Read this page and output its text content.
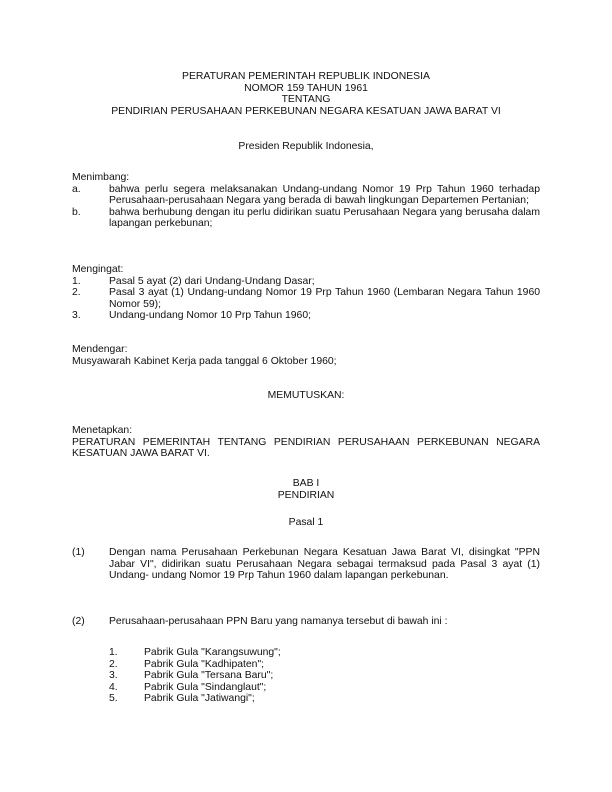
PERATURAN PEMERINTAH REPUBLIK INDONESIA

NOMOR 159 TAHUN 1961

TENTANG

PENDIRIAN PERUSAHAAN PERKEBUNAN NEGARA KESATUAN JAWA BARAT VI

Presiden Republik Indonesia,

Menimbang:

a.	bahwa perlu segera melaksanakan Undang-undang Nomor 19 Prp Tahun 1960 terhadap Perusahaan-perusahaan Negara yang berada di bawah lingkungan Departemen Pertanian;

b.	bahwa berhubung dengan itu perlu didirikan suatu Perusahaan Negara yang berusaha dalam lapangan perkebunan;

Mengingat:

1.	Pasal 5 ayat (2) dari Undang-Undang Dasar;

2.	Pasal 3 ayat (1) Undang-undang Nomor 19 Prp Tahun 1960 (Lembaran Negara Tahun 1960 Nomor 59);

3.	Undang-undang Nomor 10 Prp Tahun 1960;

Mendengar:

Musyawarah Kabinet Kerja pada tanggal 6 Oktober 1960;

MEMUTUSKAN:

Menetapkan:

PERATURAN PEMERINTAH TENTANG PENDIRIAN PERUSAHAAN PERKEBUNAN NEGARA KESATUAN JAWA BARAT VI.

BAB I

PENDIRIAN

Pasal 1
(1) Dengan nama Perusahaan Perkebunan Negara Kesatuan Jawa Barat VI, disingkat "PPN Jabar VI", didirikan suatu Perusahaan Negara sebagai termaksud pada Pasal 3 ayat (1) Undang- undang Nomor 19 Prp Tahun 1960 dalam lapangan perkebunan.

(2) Perusahaan-perusahaan PPN Baru yang namanya tersebut di bawah ini :

1.	Pabrik Gula "Karangsuwung";

2.	Pabrik Gula "Kadhipaten";

3.	Pabrik Gula "Tersana Baru";

4.	Pabrik Gula "Sindanglaut";

5.	Pabrik Gula "Jatiwangi";
